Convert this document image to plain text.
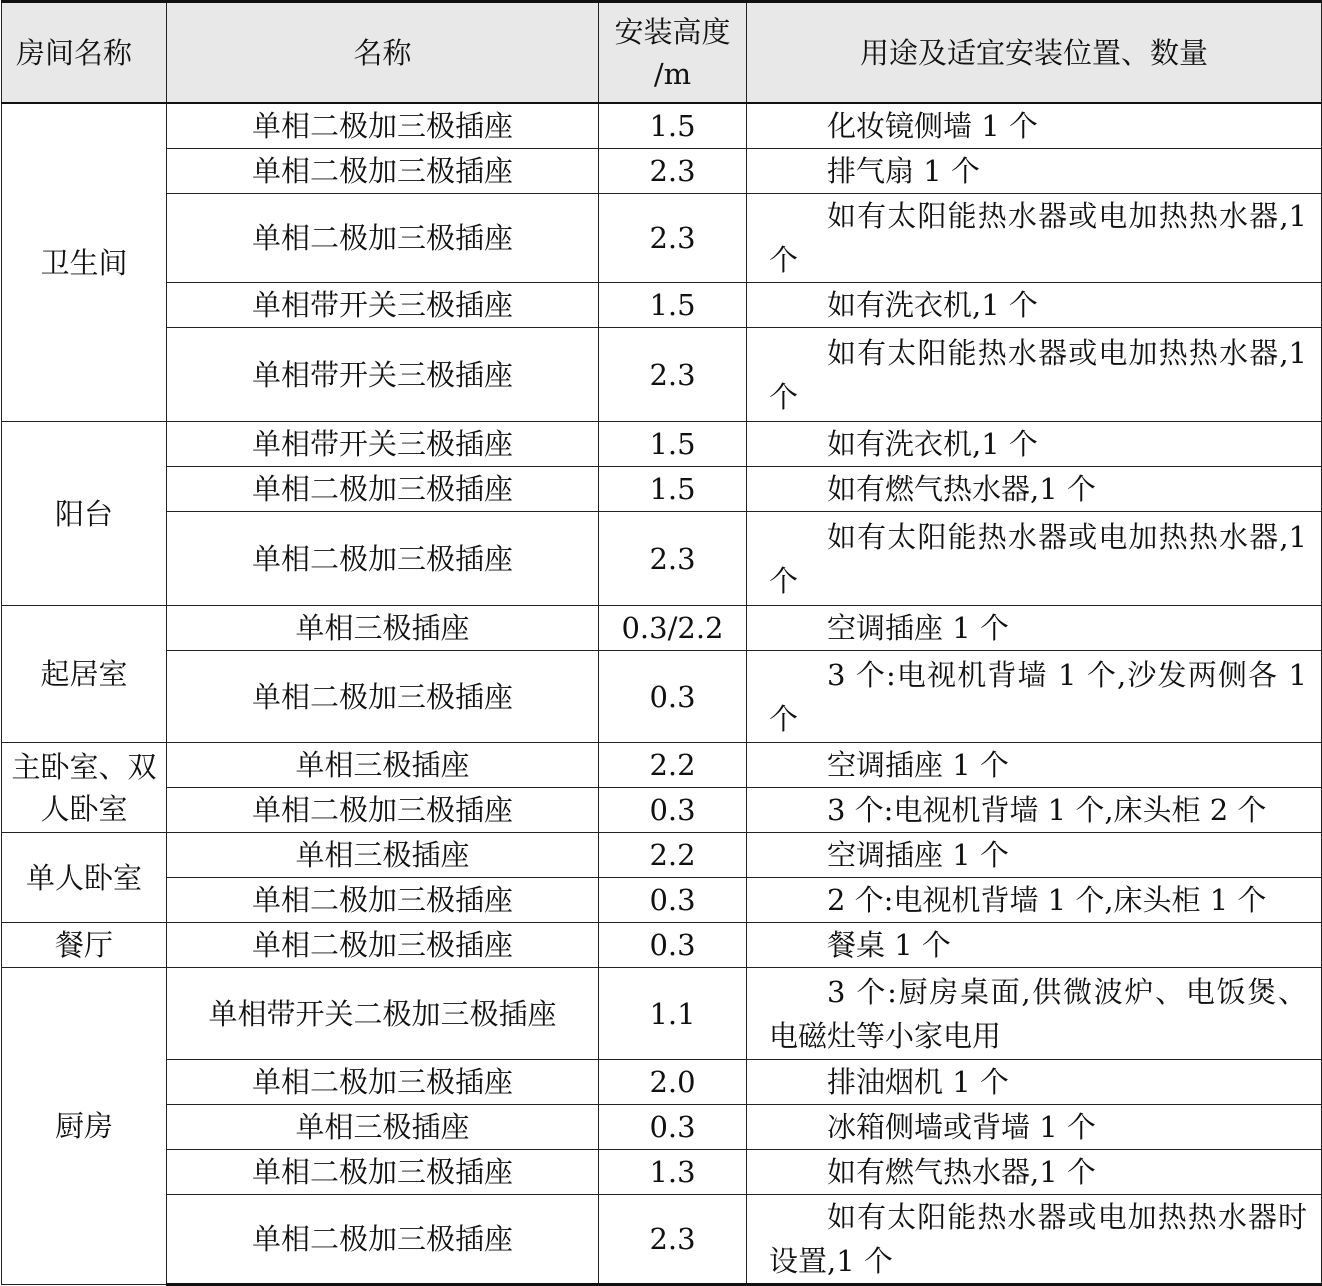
房间名称	名称	安装高度∕m	用途及适宜安装位置、数量
卫生间	单相二极加三极插座	1.5	化妆镜侧墙 1 个
	单相二极加三极插座	2.3	排气扇 1 个
	单相二极加三极插座	2.3	如有太阳能热水器或电加热热水器,1 个
	单相带开关三极插座	1.5	如有洗衣机,1 个
	单相带开关三极插座	2.3	如有太阳能热水器或电加热热水器,1 个
阳台	单相带开关三极插座	1.5	如有洗衣机,1 个
	单相二极加三极插座	1.5	如有燃气热水器,1 个
	单相二极加三极插座	2.3	如有太阳能热水器或电加热热水器,1 个
起居室	单相三极插座	0.3/2.2	空调插座 1 个
	单相二极加三极插座	0.3	3 个:电视机背墙 1 个,沙发两侧各 1 个
主卧室、双人卧室	单相三极插座	2.2	空调插座 1 个
	单相二极加三极插座	0.3	3 个:电视机背墙 1 个,床头柜 2 个
单人卧室	单相三极插座	2.2	空调插座 1 个
	单相二极加三极插座	0.3	2 个:电视机背墙 1 个,床头柜 1 个
餐厅	单相二极加三极插座	0.3	餐桌 1 个
厨房	单相带开关二极加三极插座	1.1	3 个:厨房桌面,供微波炉、电饭煲、电磁灶等小家电用
	单相二极加三极插座	2.0	排油烟机 1 个
	单相三极插座	0.3	冰箱侧墙或背墙 1 个
	单相二极加三极插座	1.3	如有燃气热水器,1 个
	单相二极加三极插座	2.3	如有太阳能热水器或电加热热水器时设置,1 个
